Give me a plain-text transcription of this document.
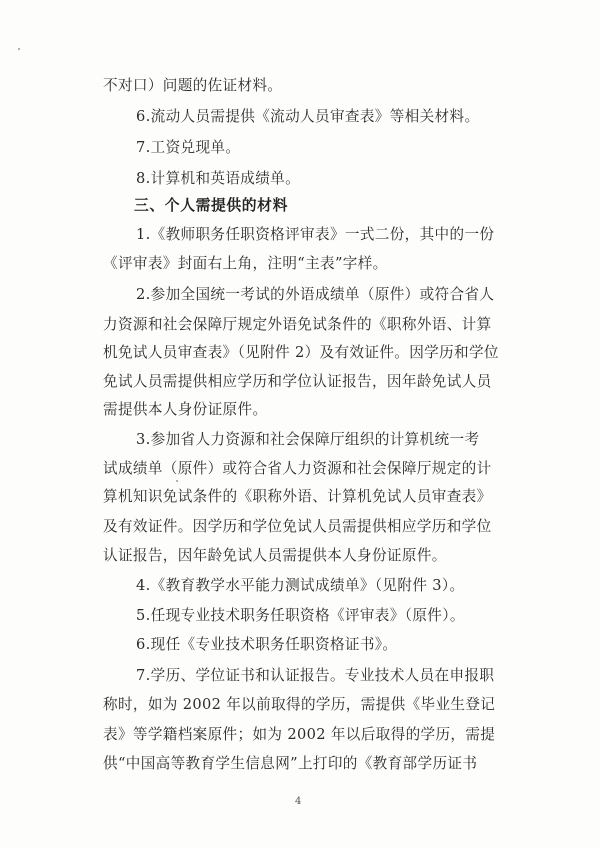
不对口）问题的佐证材料。
6.流动人员需提供《流动人员审查表》等相关材料。
7.工资兑现单。
8.计算机和英语成绩单。
三、个人需提供的材料
1.《教师职务任职资格评审表》一式二份，其中的一份
《评审表》封面右上角，注明“主表”字样。
2.参加全国统一考试的外语成绩单（原件）或符合省人
力资源和社会保障厅规定外语免试条件的《职称外语、计算
机免试人员审查表》（见附件 2）及有效证件。因学历和学位
免试人员需提供相应学历和学位认证报告，因年龄免试人员
需提供本人身份证原件。
3.参加省人力资源和社会保障厅组织的计算机统一考
试成绩单（原件）或符合省人力资源和社会保障厅规定的计
算机知识免试条件的《职称外语、计算机免试人员审查表》
及有效证件。因学历和学位免试人员需提供相应学历和学位
认证报告，因年龄免试人员需提供本人身份证原件。
4.《教育教学水平能力测试成绩单》（见附件 3）。
5.任现专业技术职务任职资格《评审表》（原件）。
6.现任《专业技术职务任职资格证书》。
7.学历、学位证书和认证报告。专业技术人员在申报职
称时，如为 2002 年以前取得的学历，需提供《毕业生登记
表》等学籍档案原件；如为 2002 年以后取得的学历，需提
供“中国高等教育学生信息网”上打印的《教育部学历证书
4
